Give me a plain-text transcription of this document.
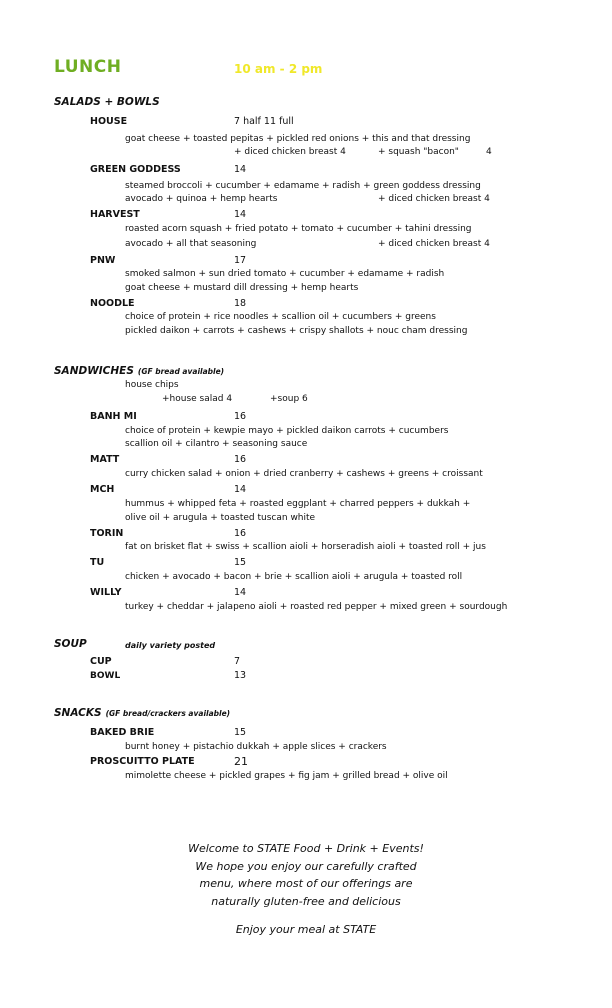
LUNCH	10 am - 2 pm
SALADS + BOWLS
HOUSE	7 half 11 full
goat cheese + toasted pepitas + pickled red onions + this and that dressing
+ diced chicken breast 4	+ squash "bacon"	4
GREEN GODDESS	14
steamed broccoli + cucumber + edamame + radish + green goddess dressing
avocado + quinoa + hemp hearts	+ diced chicken breast 4
HARVEST	14
roasted acorn squash + fried potato + tomato + cucumber + tahini dressing
avocado + all that seasoning	+ diced chicken breast 4
PNW	17
smoked salmon + sun dried tomato + cucumber + edamame + radish
goat cheese + mustard dill dressing + hemp hearts
NOODLE	18
choice of protein + rice noodles + scallion oil + cucumbers + greens
pickled daikon + carrots + cashews + crispy shallots + nouc cham dressing
SANDWICHES (GF bread available)
house chips
+house salad 4	+soup 6
BANH MI	16
choice of protein + kewpie mayo + pickled daikon carrots + cucumbers
scallion oil + cilantro + seasoning sauce
MATT	16
curry chicken salad + onion + dried cranberry + cashews + greens + croissant
MCH	14
hummus + whipped feta + roasted eggplant + charred peppers + dukkah +
olive oil + arugula + toasted tuscan white
TORIN	16
fat on brisket flat + swiss + scallion aioli + horseradish aioli + toasted roll + jus
TU	15
chicken + avocado + bacon + brie + scallion aioli + arugula + toasted roll
WILLY	14
turkey + cheddar + jalapeno aioli + roasted red pepper + mixed green + sourdough
SOUP	daily variety posted
CUP	7
BOWL	13
SNACKS (GF bread/crackers available)
BAKED BRIE	15
burnt honey + pistachio dukkah + apple slices + crackers
PROSCUITTO PLATE	21
mimolette cheese + pickled grapes + fig jam + grilled bread + olive oil
Welcome to STATE Food + Drink + Events!
We hope you enjoy our carefully crafted
menu, where most of our offerings are
naturally gluten-free and delicious
Enjoy your meal at STATE
